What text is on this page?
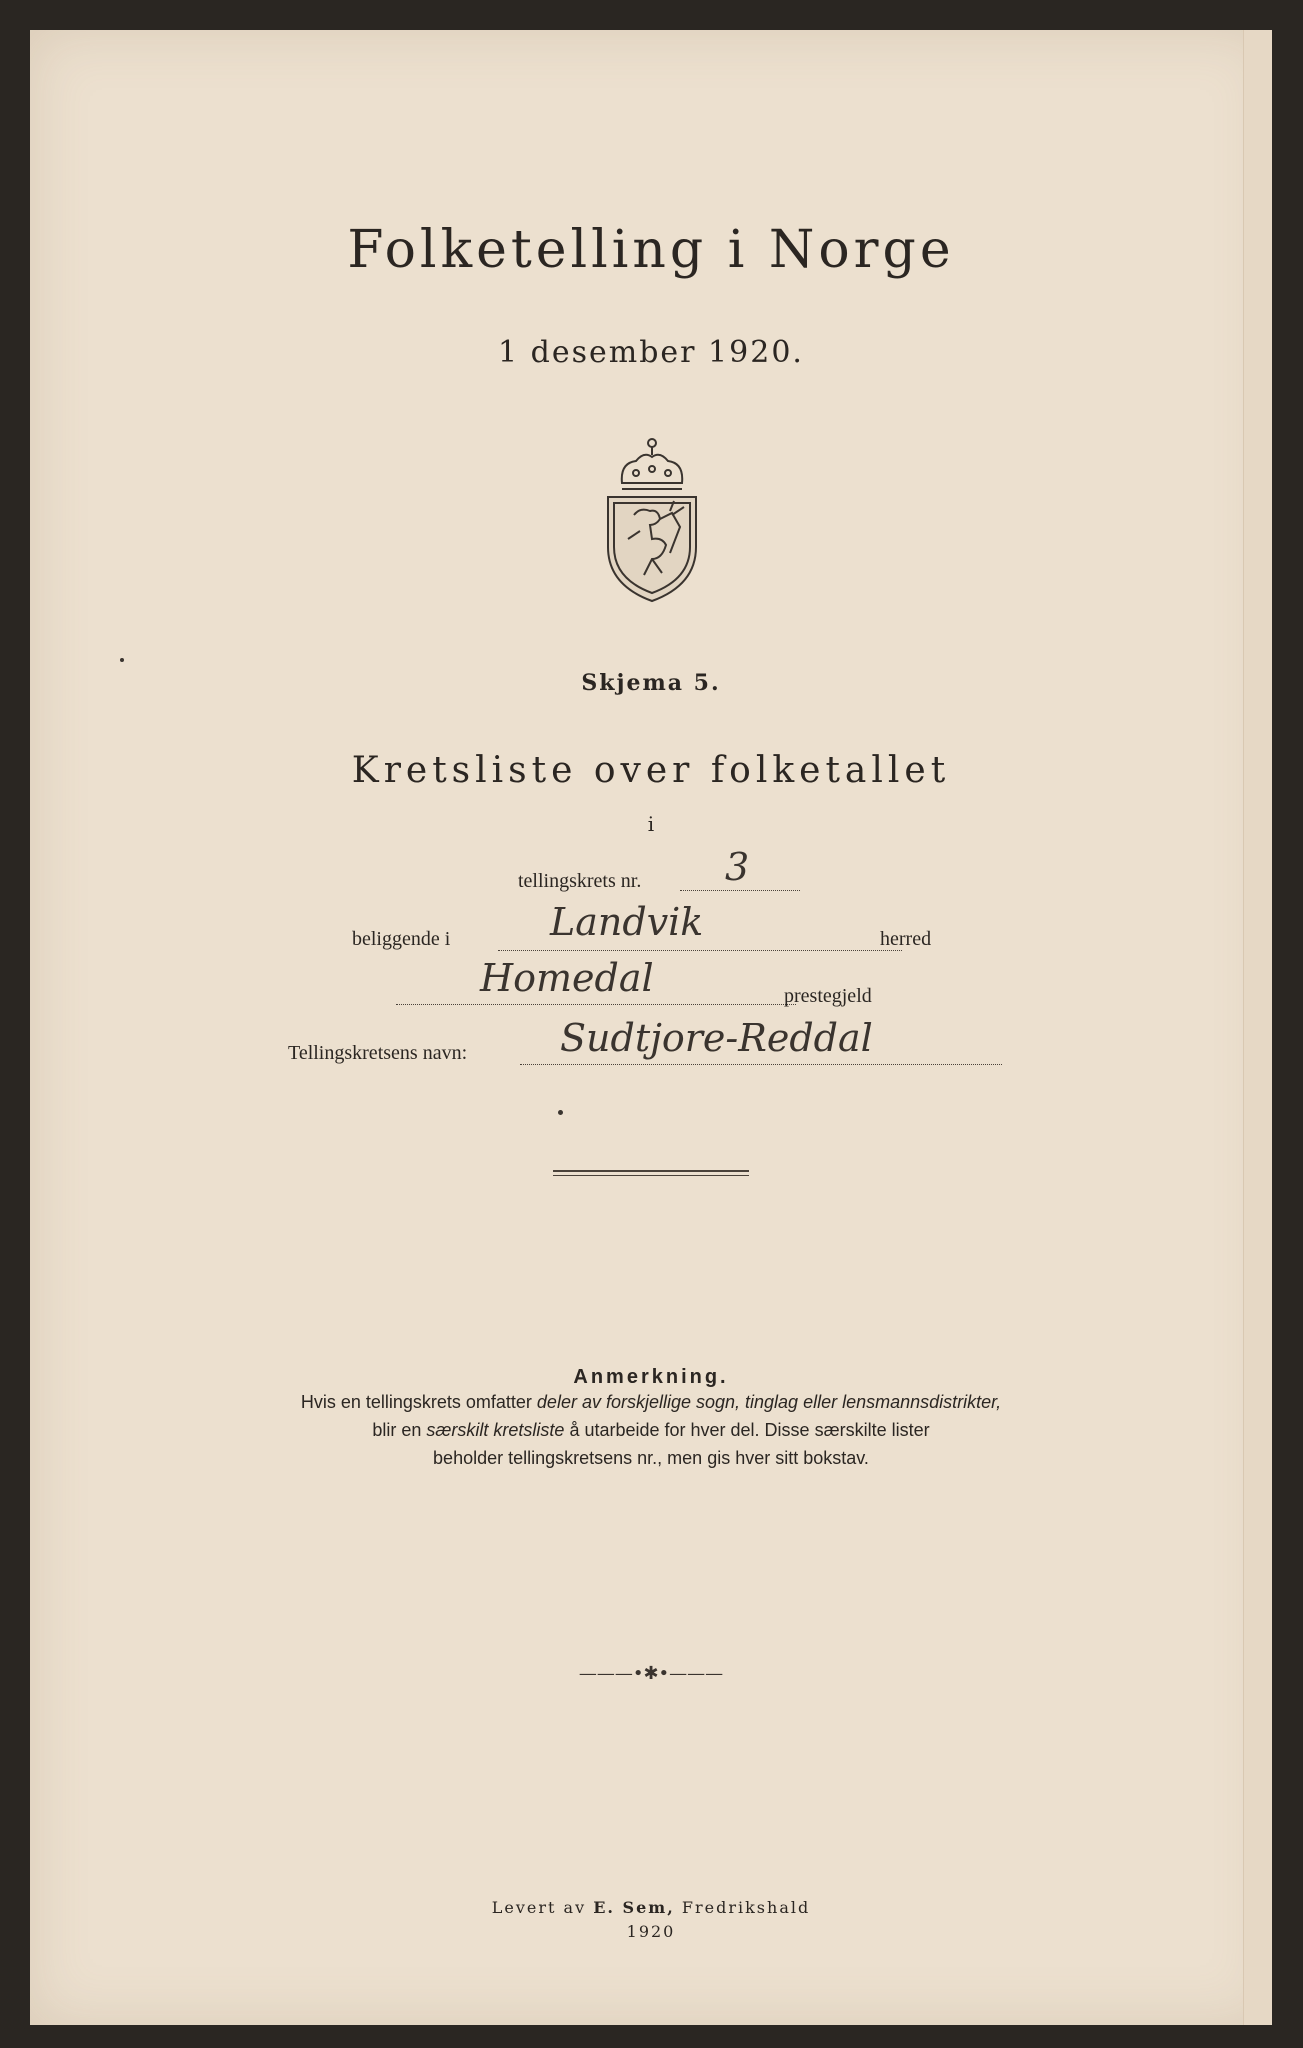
Folketelling i Norge
1 desember 1920.
Skjema 5.
Kretsliste over folketallet
i
tellingskrets nr. 3
beliggende i	Landvik	herred
Homedal	prestegjeld
Tellingskretsens navn: Sudtjore-Reddal
Anmerkning.
Hvis en tellingskrets omfatter deler av forskjellige sogn, tinglag eller lensmannsdistrikter,
blir en særskilt kretsliste å utarbeide for hver del. Disse særskilte lister
beholder tellingskretsens nr., men gis hver sitt bokstav.
———•✱•———
Levert av E. Sem, Fredrikshald
1920
